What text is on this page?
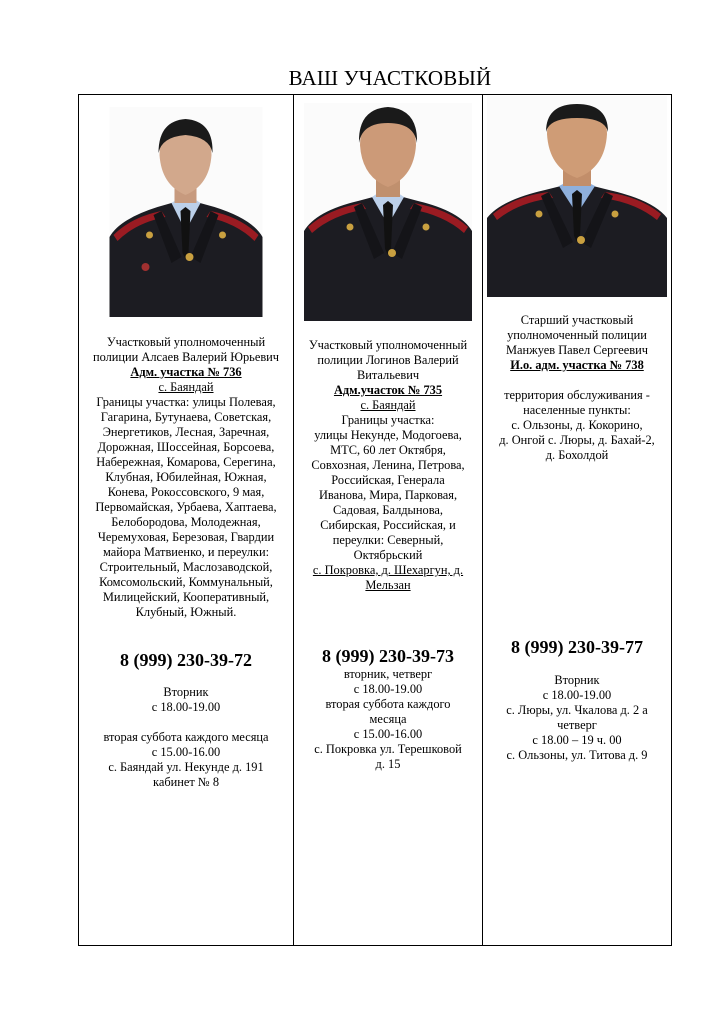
ВАШ УЧАСТКОВЫЙ
Участковый уполномоченный
полиции Алсаев Валерий Юрьевич
Адм. участка № 736
с. Баяндай
Границы участка: улицы Полевая,
Гагарина, Бутунаева, Советская,
Энергетиков, Лесная, Заречная,
Дорожная, Шоссейная, Борсоева,
Набережная, Комарова, Серегина,
Клубная, Юбилейная, Южная,
Конева, Рокоссовского, 9 мая,
Первомайская, Урбаева, Хаптаева,
Белобородова, Молодежная,
Черемуховая, Березовая, Гвардии
майора Матвиенко, и переулки:
Строительный, Маслозаводской,
Комсомольский, Коммунальный,
Милицейский, Кооперативный,
Клубный, Южный.
8 (999) 230-39-72
Вторник
с 18.00-19.00
вторая суббота каждого месяца
с 15.00-16.00
с. Баяндай ул. Некунде д. 191
кабинет № 8
Участковый уполномоченный
полиции Логинов Валерий
Витальевич
Адм.участок № 735
с. Баяндай
Границы участка:
улицы Некунде, Модогоева,
МТС, 60 лет Октября,
Совхозная, Ленина, Петрова,
Российская, Генерала
Иванова, Мира, Парковая,
Садовая, Балдынова,
Сибирская, Российская, и
переулки: Северный,
Октябрьский
с. Покровка, д. Шехаргун, д.
Мельзан
8 (999) 230-39-73
вторник, четверг
с 18.00-19.00
вторая суббота каждого
месяца
с 15.00-16.00
с. Покровка ул. Терешковой
д. 15
Старший участковый
уполномоченный полиции
Манжуев Павел Сергеевич
И.о. адм. участка № 738
территория обслуживания -
населенные пункты:
с. Ользоны, д. Кокорино,
д. Онгой с. Люры, д. Бахай-2,
д. Бохолдой
8 (999) 230-39-77
Вторник
с 18.00-19.00
с. Люры, ул. Чкалова д. 2 а
четверг
с 18.00 – 19 ч. 00
с. Ользоны, ул. Титова д. 9
